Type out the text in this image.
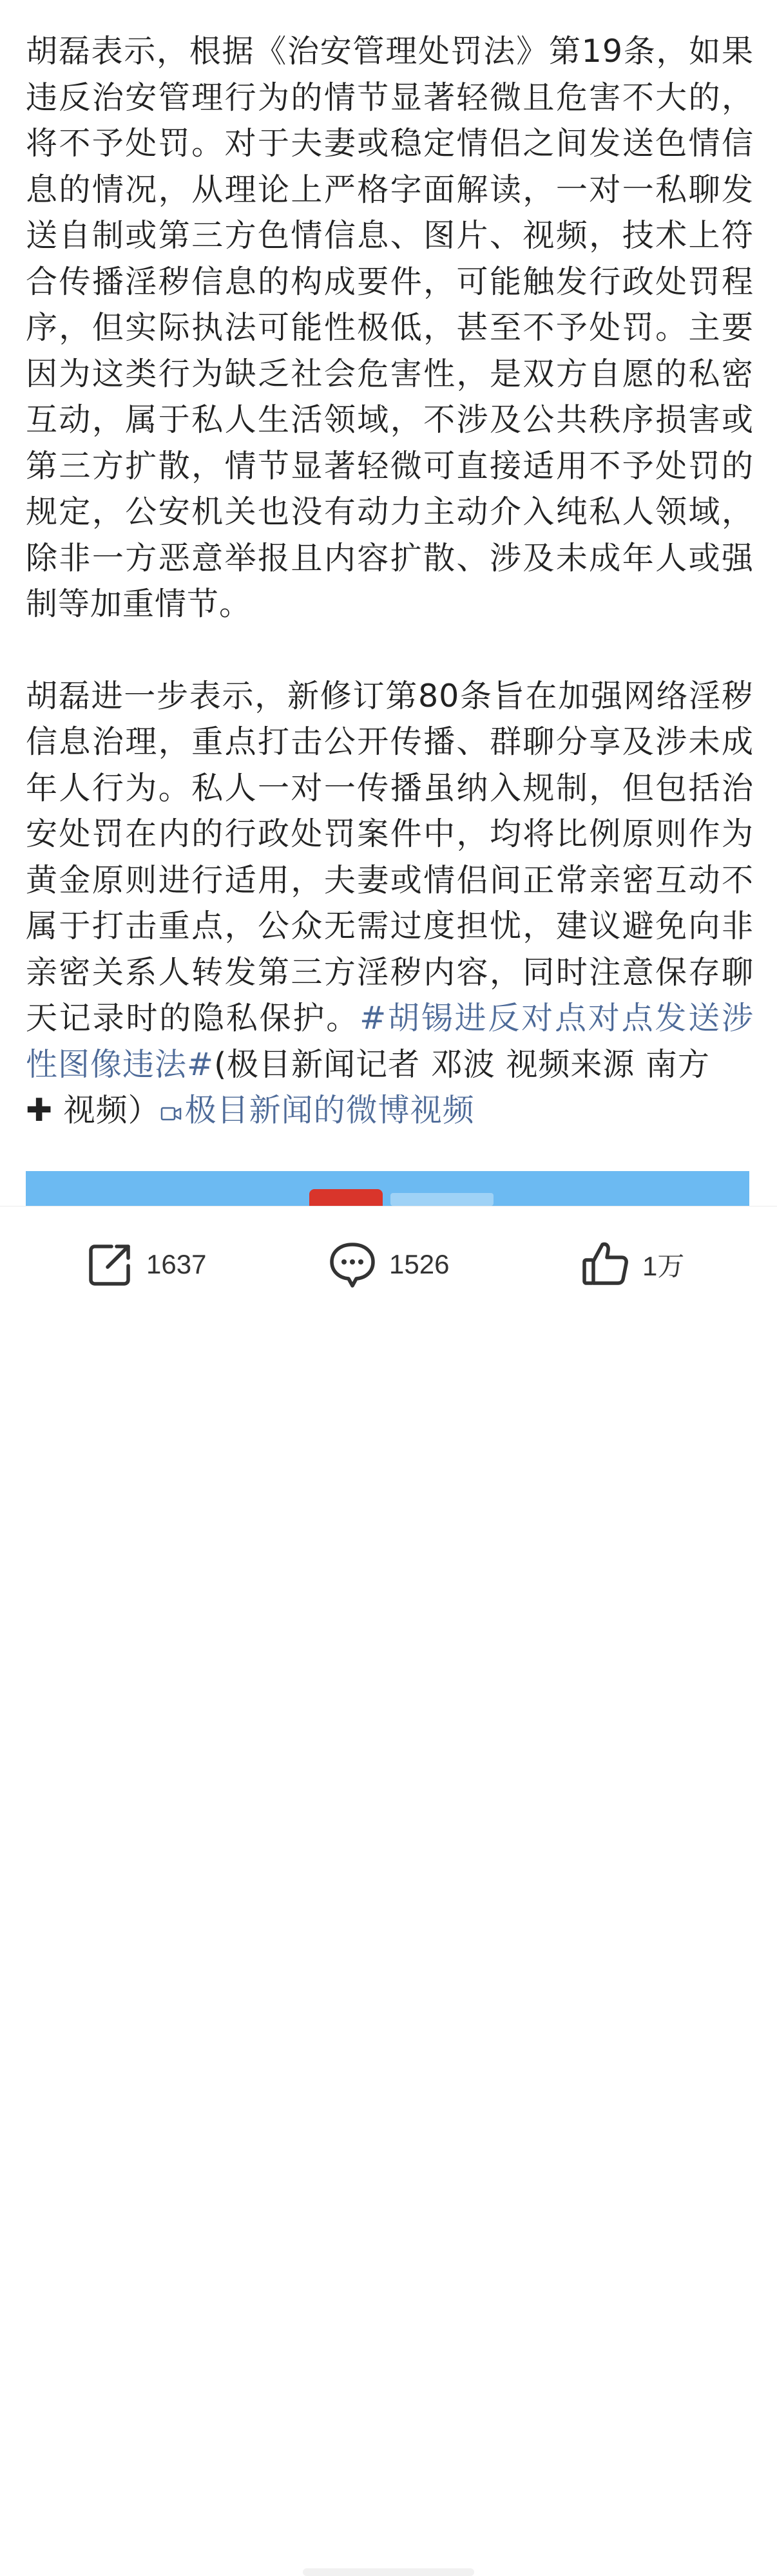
胡磊表示，根据《治安管理处罚法》第19条，如果违反治安管理行为的情节显著轻微且危害不大的，将不予处罚。对于夫妻或稳定情侣之间发送色情信息的情况，从理论上严格字面解读，一对一私聊发送自制或第三方色情信息、图片、视频，技术上符合传播淫秽信息的构成要件，可能触发行政处罚程序，但实际执法可能性极低，甚至不予处罚。主要因为这类行为缺乏社会危害性，是双方自愿的私密互动，属于私人生活领域，不涉及公共秩序损害或第三方扩散，情节显著轻微可直接适用不予处罚的规定，公安机关也没有动力主动介入纯私人领域，除非一方恶意举报且内容扩散、涉及未成年人或强制等加重情节。

胡磊进一步表示，新修订第80条旨在加强网络淫秽信息治理，重点打击公开传播、群聊分享及涉未成年人行为。私人一对一传播虽纳入规制，但包括治安处罚在内的行政处罚案件中，均将比例原则作为黄金原则进行适用，夫妻或情侣间正常亲密互动不属于打击重点，公众无需过度担忧，建议避免向非亲密关系人转发第三方淫秽内容，同时注意保存聊天记录时的隐私保护。#胡锡进反对点对点发送涉性图像违法#(极目新闻记者 邓波 视频来源 南方
✚ 视频） 极目新闻的微博视频

1637	1526	1万
